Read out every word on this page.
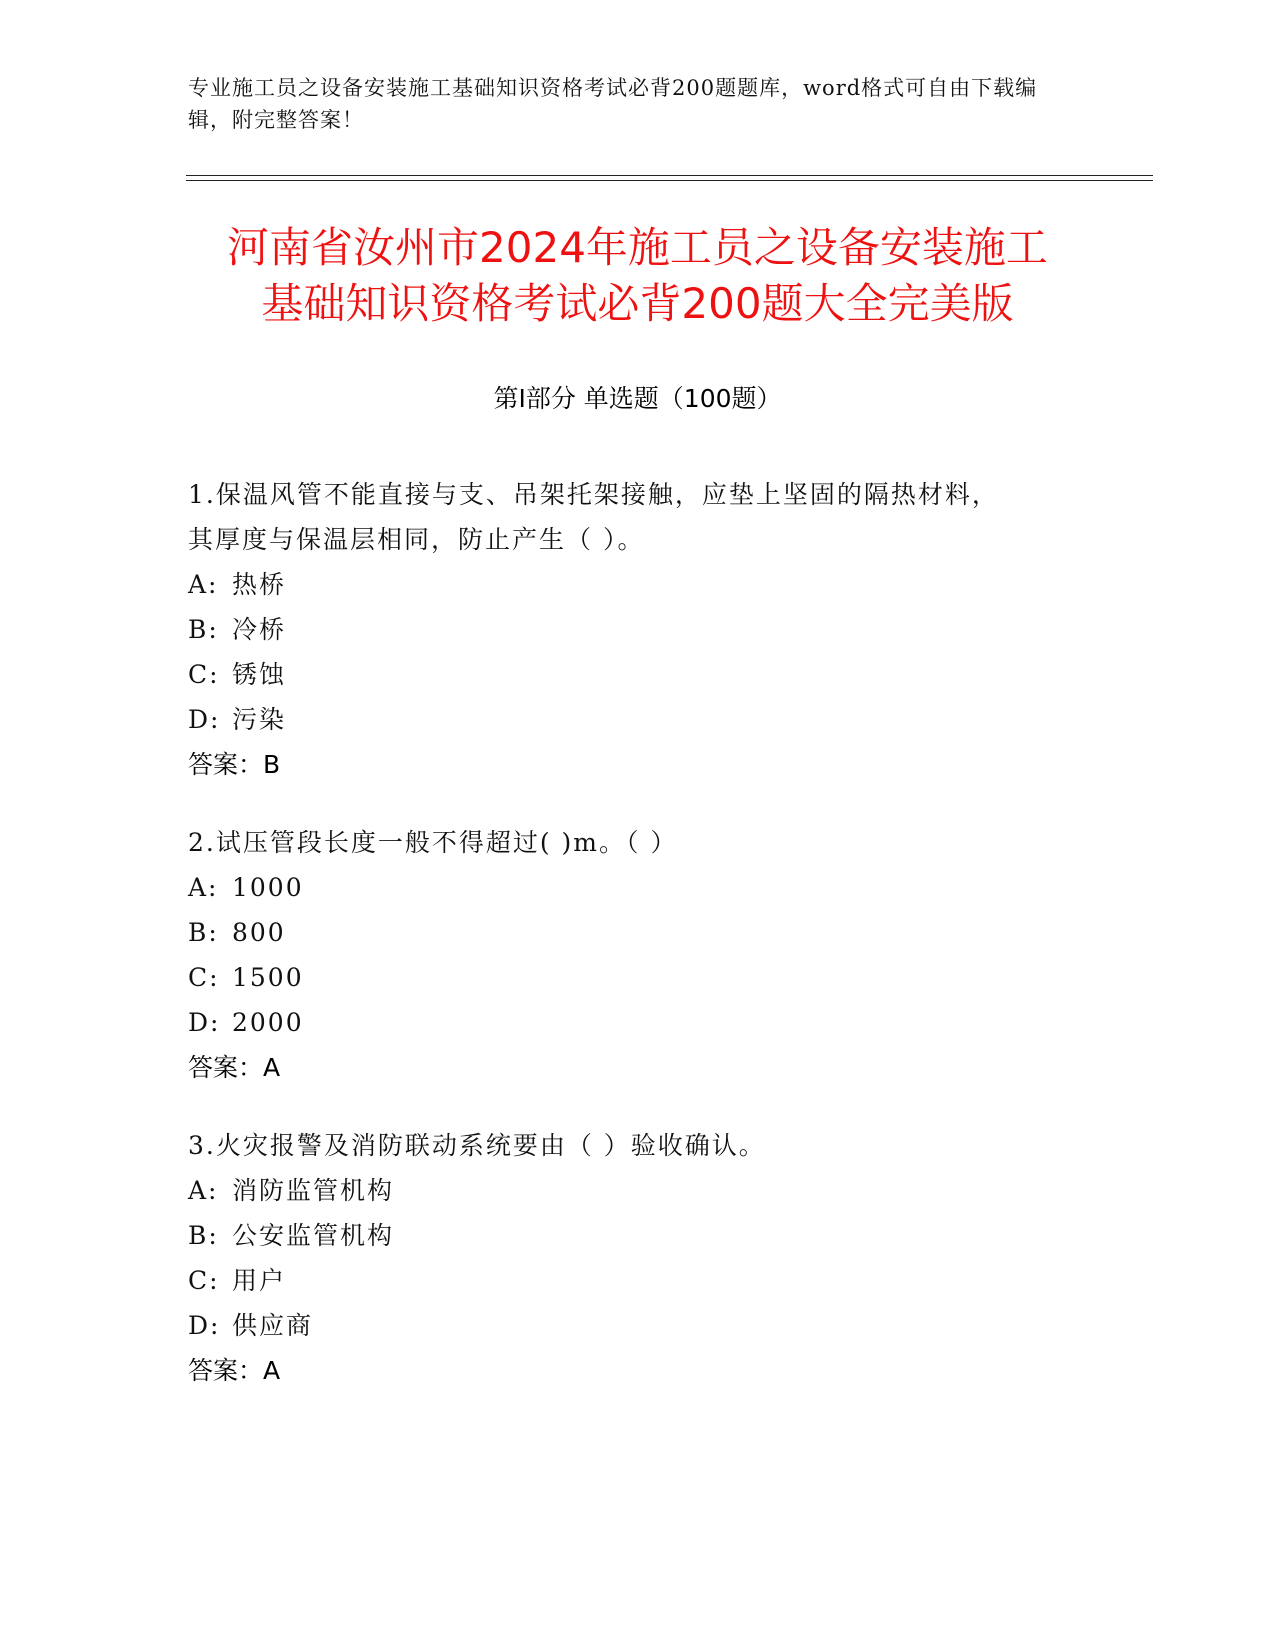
专业施工员之设备安装施工基础知识资格考试必背200题题库，word格式可自由下载编辑，附完整答案！
河南省汝州市2024年施工员之设备安装施工
基础知识资格考试必背200题大全完美版
第I部分 单选题（100题）
1.保温风管不能直接与支、吊架托架接触，应垫上坚固的隔热材料，
其厚度与保温层相同，防止产生（ ）。
A: 热桥
B: 冷桥
C: 锈蚀
D: 污染
答案：B
2.试压管段长度一般不得超过( )m。（ ）
A: 1000
B: 800
C: 1500
D: 2000
答案：A
3.火灾报警及消防联动系统要由（ ）验收确认。
A: 消防监管机构
B: 公安监管机构
C: 用户
D: 供应商
答案：A
